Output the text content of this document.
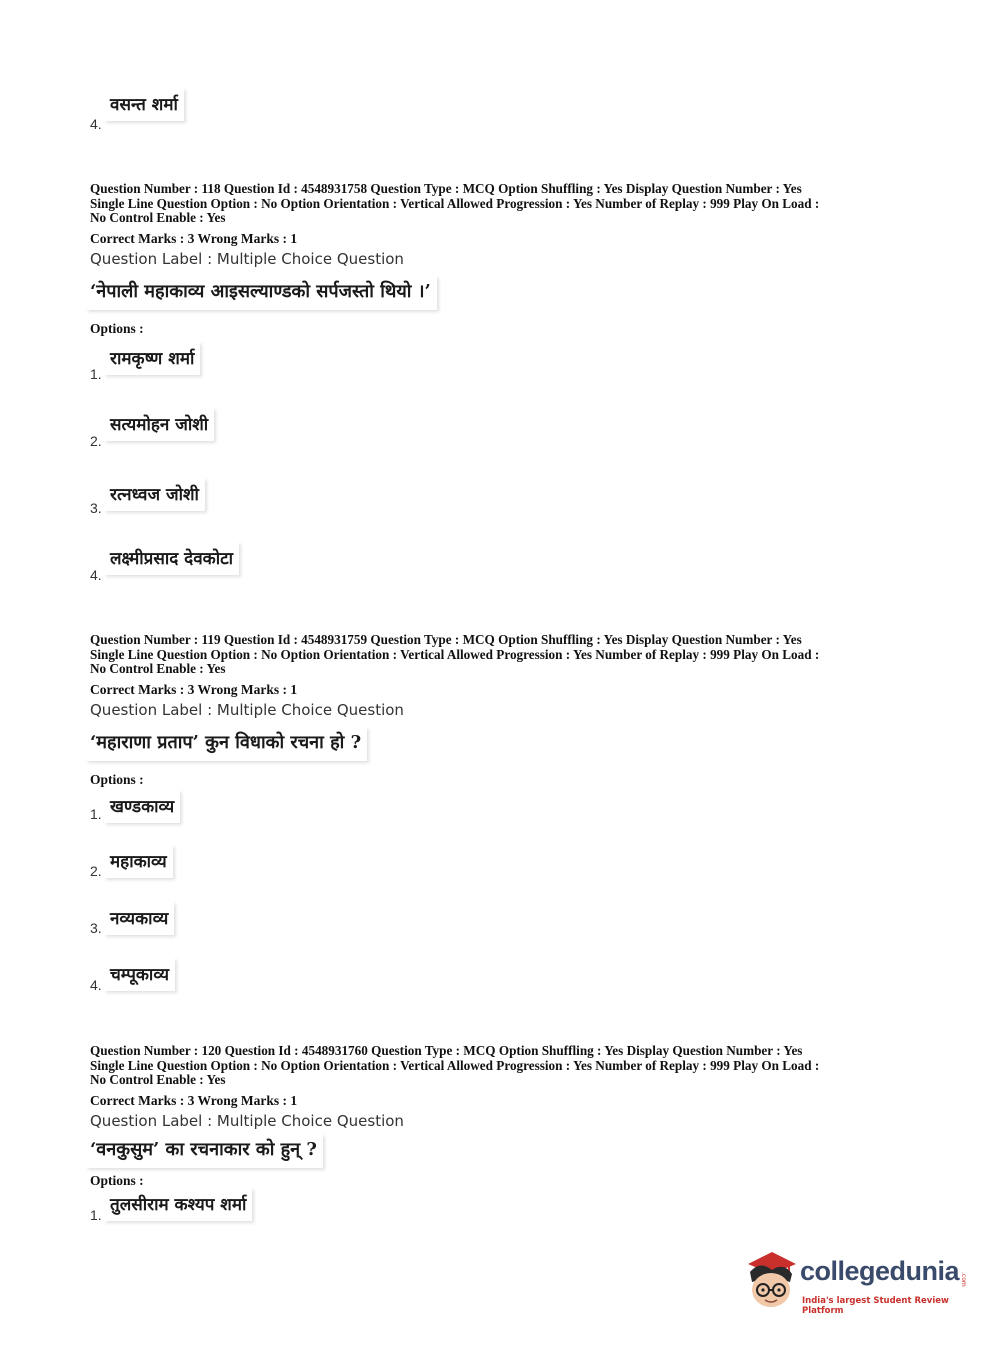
वसन्त शर्मा
4.
Question Number : 118 Question Id : 4548931758 Question Type : MCQ Option Shuffling : Yes Display Question Number : Yes
Single Line Question Option : No Option Orientation : Vertical Allowed Progression : Yes Number of Replay : 999 Play On Load :
No Control Enable : Yes
Correct Marks : 3 Wrong Marks : 1
Question Label : Multiple Choice Question
‘नेपाली महाकाव्य आइसल्याण्डको सर्पजस्तो थियो ।’
Options :
रामकृष्ण शर्मा
1.
सत्यमोहन जोशी
2.
रत्नध्वज जोशी
3.
लक्ष्मीप्रसाद देवकोटा
4.
Question Number : 119 Question Id : 4548931759 Question Type : MCQ Option Shuffling : Yes Display Question Number : Yes
Single Line Question Option : No Option Orientation : Vertical Allowed Progression : Yes Number of Replay : 999 Play On Load :
No Control Enable : Yes
Correct Marks : 3 Wrong Marks : 1
Question Label : Multiple Choice Question
‘महाराणा प्रताप’ कुन विधाको रचना हो ?
Options :
खण्डकाव्य
1.
महाकाव्य
2.
नव्यकाव्य
3.
चम्पूकाव्य
4.
Question Number : 120 Question Id : 4548931760 Question Type : MCQ Option Shuffling : Yes Display Question Number : Yes
Single Line Question Option : No Option Orientation : Vertical Allowed Progression : Yes Number of Replay : 999 Play On Load :
No Control Enable : Yes
Correct Marks : 3 Wrong Marks : 1
Question Label : Multiple Choice Question
‘वनकुसुम’ का रचनाकार को हुन् ?
Options :
तुलसीराम कश्यप शर्मा
1.
collegedunia .com
India's largest Student Review Platform
